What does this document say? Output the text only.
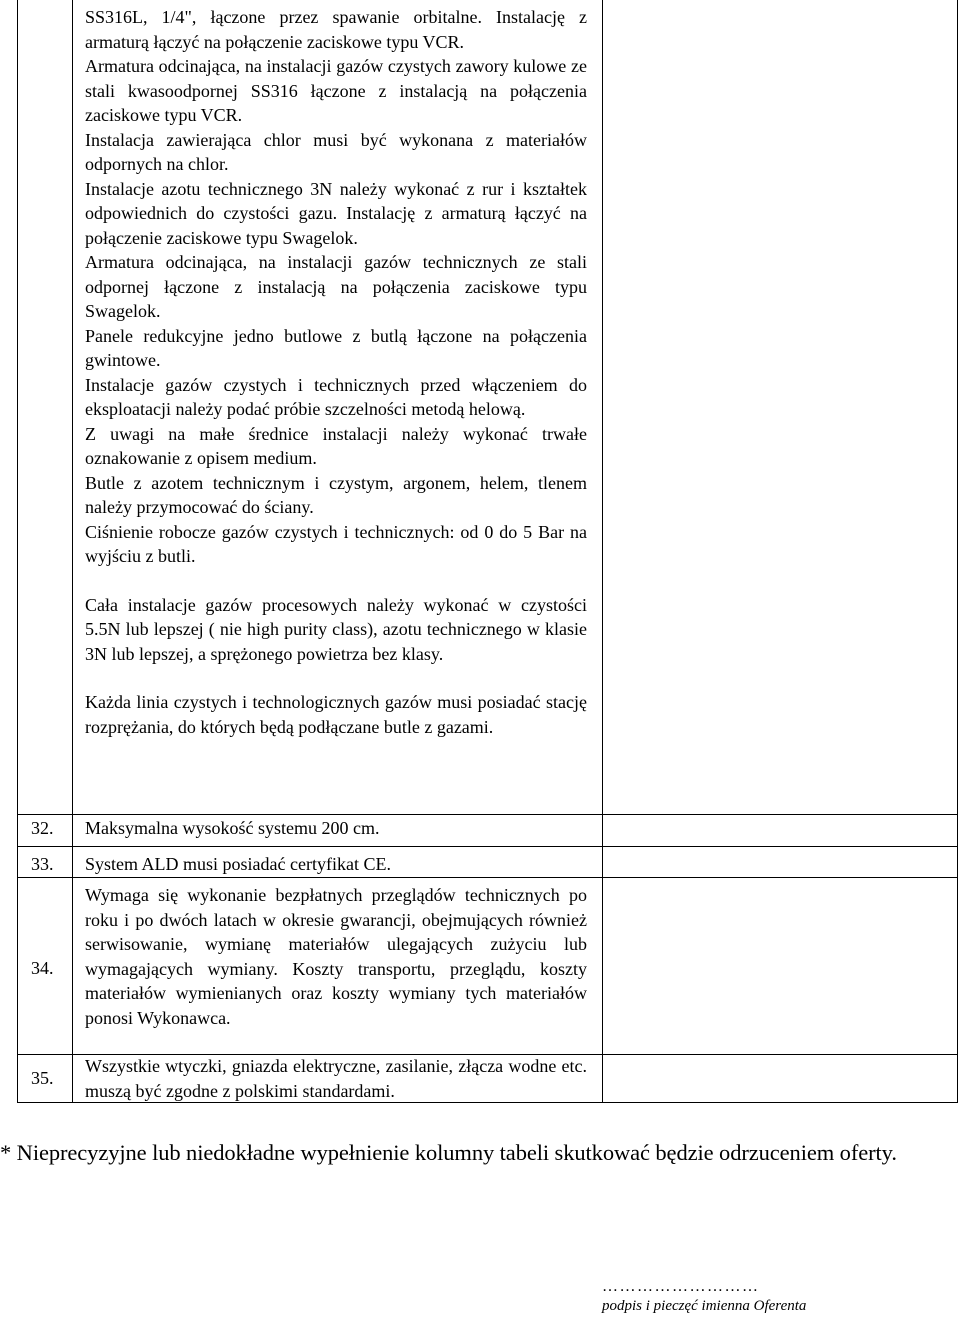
SS316L, 1/4", łączone przez spawanie orbitalne. Instalację z armaturą łączyć na połączenie zaciskowe typu VCR.

Armatura odcinająca, na instalacji gazów czystych zawory kulowe ze stali kwasoodpornej SS316 łączone z instalacją na połączenia zaciskowe typu VCR.

Instalacja zawierająca chlor musi być wykonana z materiałów odpornych na chlor.

Instalacje azotu technicznego 3N należy wykonać z rur i kształtek odpowiednich do czystości gazu. Instalację z armaturą łączyć na połączenie zaciskowe typu Swagelok.

Armatura odcinająca, na instalacji gazów technicznych ze stali odpornej łączone z instalacją na połączenia zaciskowe typu Swagelok.

Panele redukcyjne jedno butlowe z butlą łączone na połączenia gwintowe.

Instalacje gazów czystych i technicznych przed włączeniem do eksploatacji należy podać próbie szczelności metodą helową.

Z uwagi na małe średnice instalacji należy wykonać trwałe oznakowanie z opisem medium.

Butle z azotem technicznym i czystym, argonem, helem, tlenem należy przymocować do ściany.

Ciśnienie robocze gazów czystych i technicznych: od 0 do 5 Bar na wyjściu z butli.

Cała instalacje gazów procesowych należy wykonać w czystości 5.5N lub lepszej ( nie high purity class), azotu technicznego w klasie 3N lub lepszej, a sprężonego powietrza bez klasy.

Każda linia czystych i technologicznych gazów musi posiadać stację rozprężania, do których będą podłączane butle z gazami.

32. Maksymalna wysokość systemu 200 cm.

33. System ALD musi posiadać certyfikat CE.

34.

Wymaga się wykonanie bezpłatnych przeglądów technicznych po roku i po dwóch latach w okresie gwarancji, obejmujących również serwisowanie, wymianę materiałów ulegających zużyciu lub wymagających wymiany. Koszty transportu, przeglądu, koszty materiałów wymienianych oraz koszty wymiany tych materiałów ponosi Wykonawca.

35.

Wszystkie wtyczki, gniazda elektryczne, zasilanie, złącza wodne etc. muszą być zgodne z polskimi standardami.

* Nieprecyzyjne lub niedokładne wypełnienie kolumny tabeli skutkować będzie odrzuceniem oferty.
………………………
podpis i pieczęć imienna Oferenta
